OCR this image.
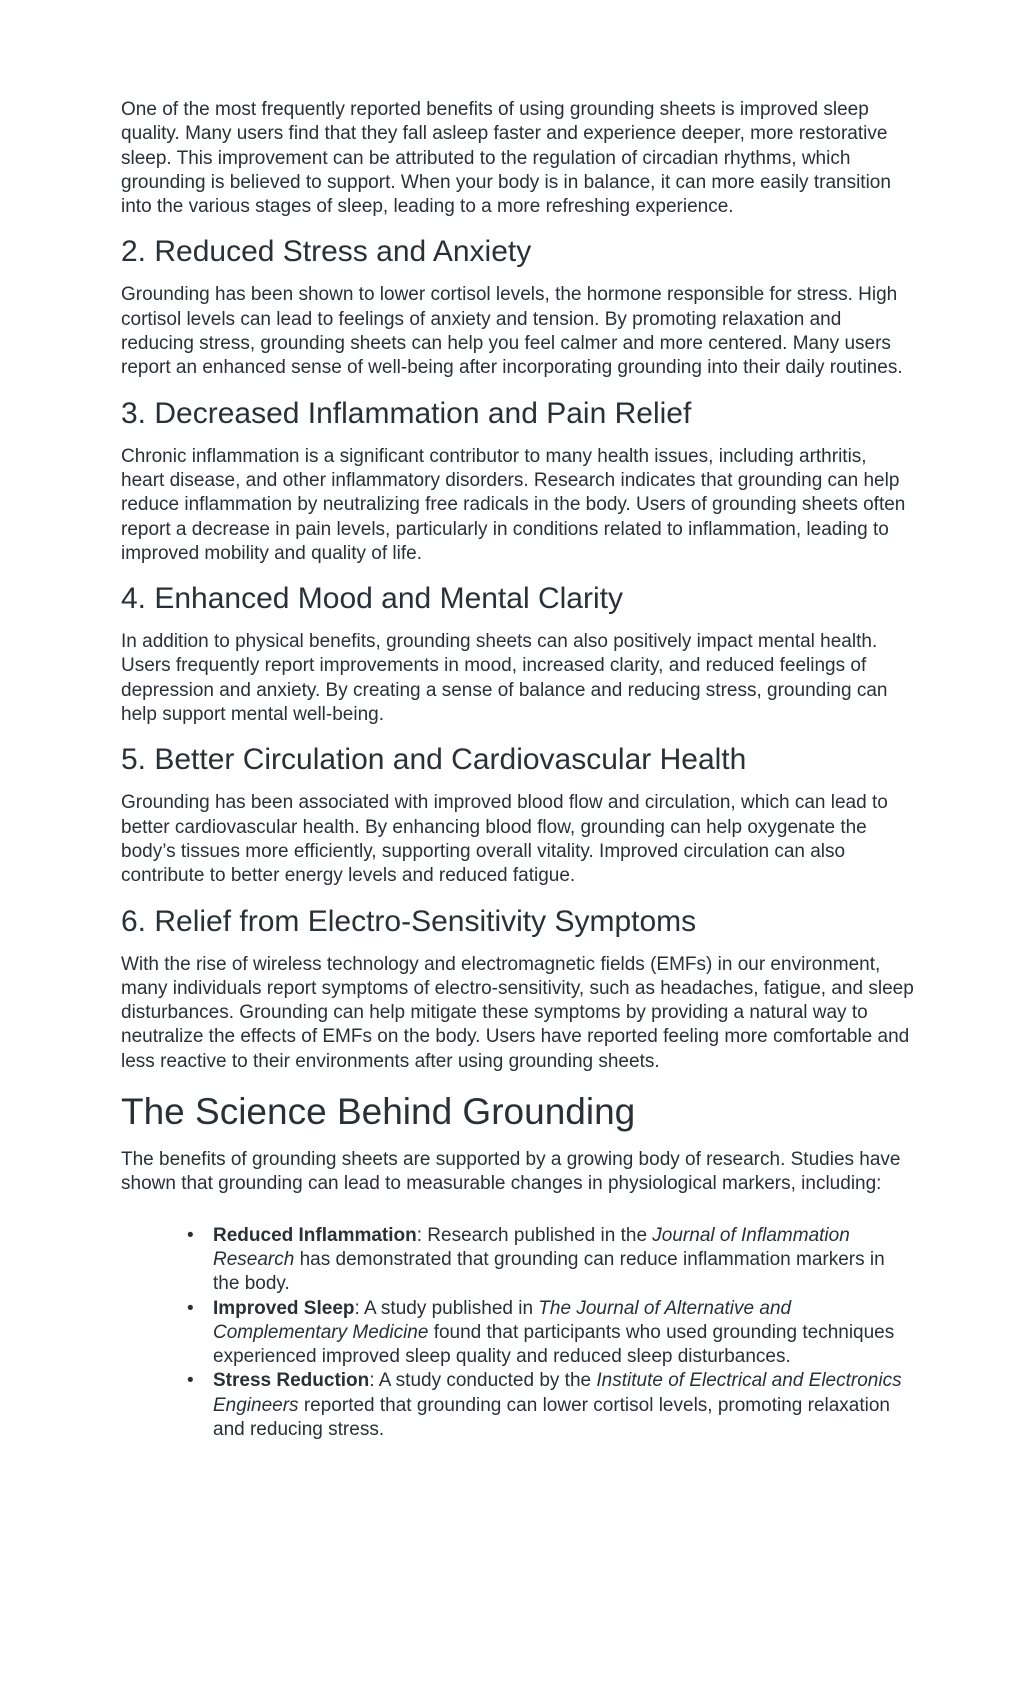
One of the most frequently reported benefits of using grounding sheets is improved sleep quality. Many users find that they fall asleep faster and experience deeper, more restorative sleep. This improvement can be attributed to the regulation of circadian rhythms, which grounding is believed to support. When your body is in balance, it can more easily transition into the various stages of sleep, leading to a more refreshing experience.

2. Reduced Stress and Anxiety

Grounding has been shown to lower cortisol levels, the hormone responsible for stress. High cortisol levels can lead to feelings of anxiety and tension. By promoting relaxation and reducing stress, grounding sheets can help you feel calmer and more centered. Many users report an enhanced sense of well-being after incorporating grounding into their daily routines.

3. Decreased Inflammation and Pain Relief

Chronic inflammation is a significant contributor to many health issues, including arthritis, heart disease, and other inflammatory disorders. Research indicates that grounding can help reduce inflammation by neutralizing free radicals in the body. Users of grounding sheets often report a decrease in pain levels, particularly in conditions related to inflammation, leading to improved mobility and quality of life.

4. Enhanced Mood and Mental Clarity

In addition to physical benefits, grounding sheets can also positively impact mental health. Users frequently report improvements in mood, increased clarity, and reduced feelings of depression and anxiety. By creating a sense of balance and reducing stress, grounding can help support mental well-being.

5. Better Circulation and Cardiovascular Health

Grounding has been associated with improved blood flow and circulation, which can lead to better cardiovascular health. By enhancing blood flow, grounding can help oxygenate the body’s tissues more efficiently, supporting overall vitality. Improved circulation can also contribute to better energy levels and reduced fatigue.

6. Relief from Electro-Sensitivity Symptoms

With the rise of wireless technology and electromagnetic fields (EMFs) in our environment, many individuals report symptoms of electro-sensitivity, such as headaches, fatigue, and sleep disturbances. Grounding can help mitigate these symptoms by providing a natural way to neutralize the effects of EMFs on the body. Users have reported feeling more comfortable and less reactive to their environments after using grounding sheets.

The Science Behind Grounding

The benefits of grounding sheets are supported by a growing body of research. Studies have shown that grounding can lead to measurable changes in physiological markers, including:

• Reduced Inflammation: Research published in the Journal of Inflammation Research has demonstrated that grounding can reduce inflammation markers in the body.
• Improved Sleep: A study published in The Journal of Alternative and Complementary Medicine found that participants who used grounding techniques experienced improved sleep quality and reduced sleep disturbances.
• Stress Reduction: A study conducted by the Institute of Electrical and Electronics Engineers reported that grounding can lower cortisol levels, promoting relaxation and reducing stress.
